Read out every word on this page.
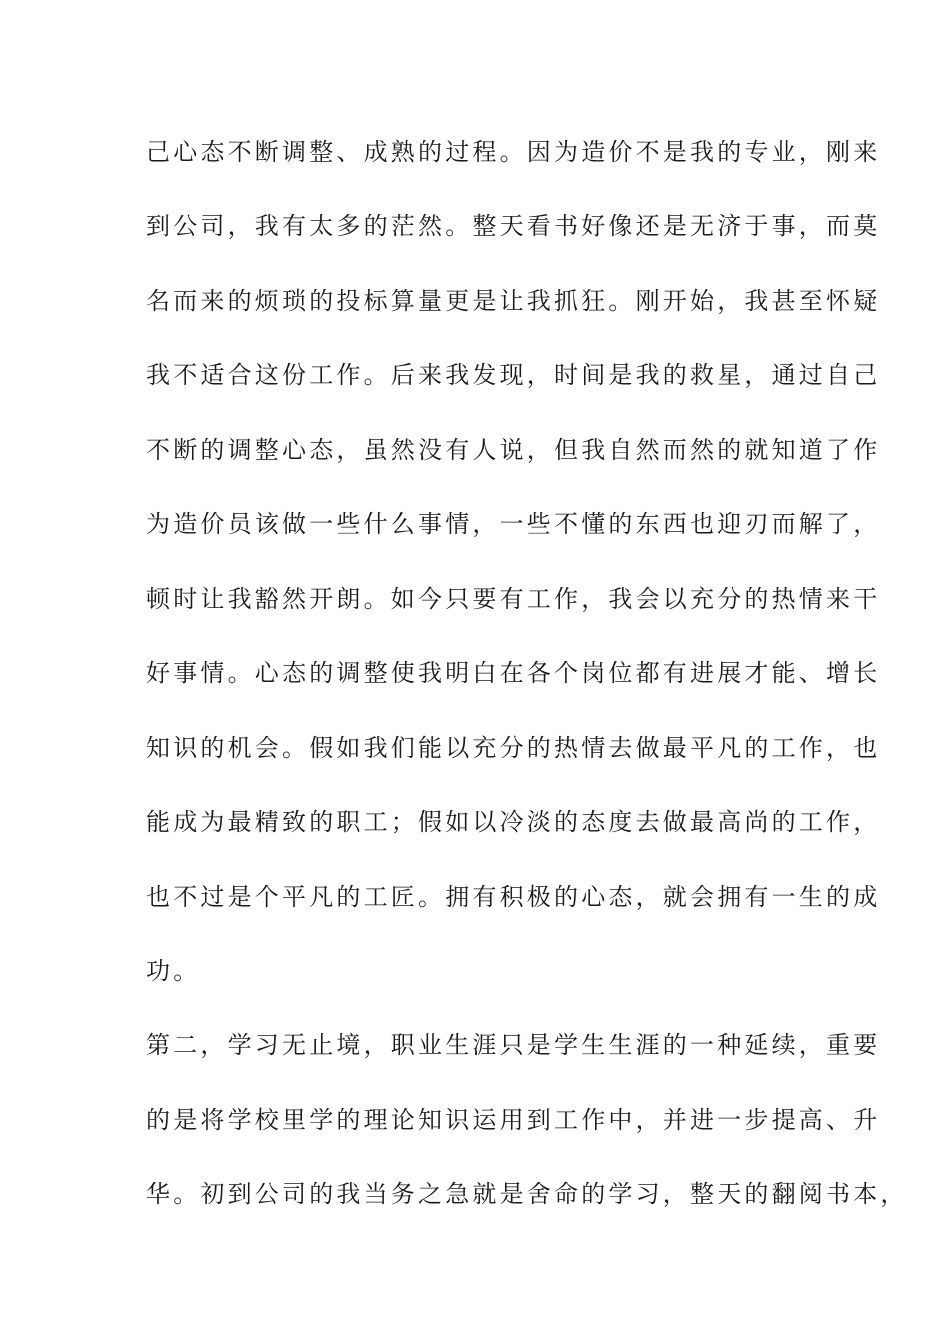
己心态不断调整、成熟的过程。因为造价不是我的专业，刚来
到公司，我有太多的茫然。整天看书好像还是无济于事，而莫
名而来的烦琐的投标算量更是让我抓狂。刚开始，我甚至怀疑
我不适合这份工作。后来我发现，时间是我的救星，通过自己
不断的调整心态，虽然没有人说，但我自然而然的就知道了作
为造价员该做一些什么事情，一些不懂的东西也迎刃而解了，
顿时让我豁然开朗。如今只要有工作，我会以充分的热情来干
好事情。心态的调整使我明白在各个岗位都有进展才能、增长
知识的机会。假如我们能以充分的热情去做最平凡的工作，也
能成为最精致的职工；假如以冷淡的态度去做最高尚的工作，
也不过是个平凡的工匠。拥有积极的心态，就会拥有一生的成
功。
第二，学习无止境，职业生涯只是学生生涯的一种延续，重要
的是将学校里学的理论知识运用到工作中，并进一步提高、升
华。初到公司的我当务之急就是舍命的学习，整天的翻阅书本，
